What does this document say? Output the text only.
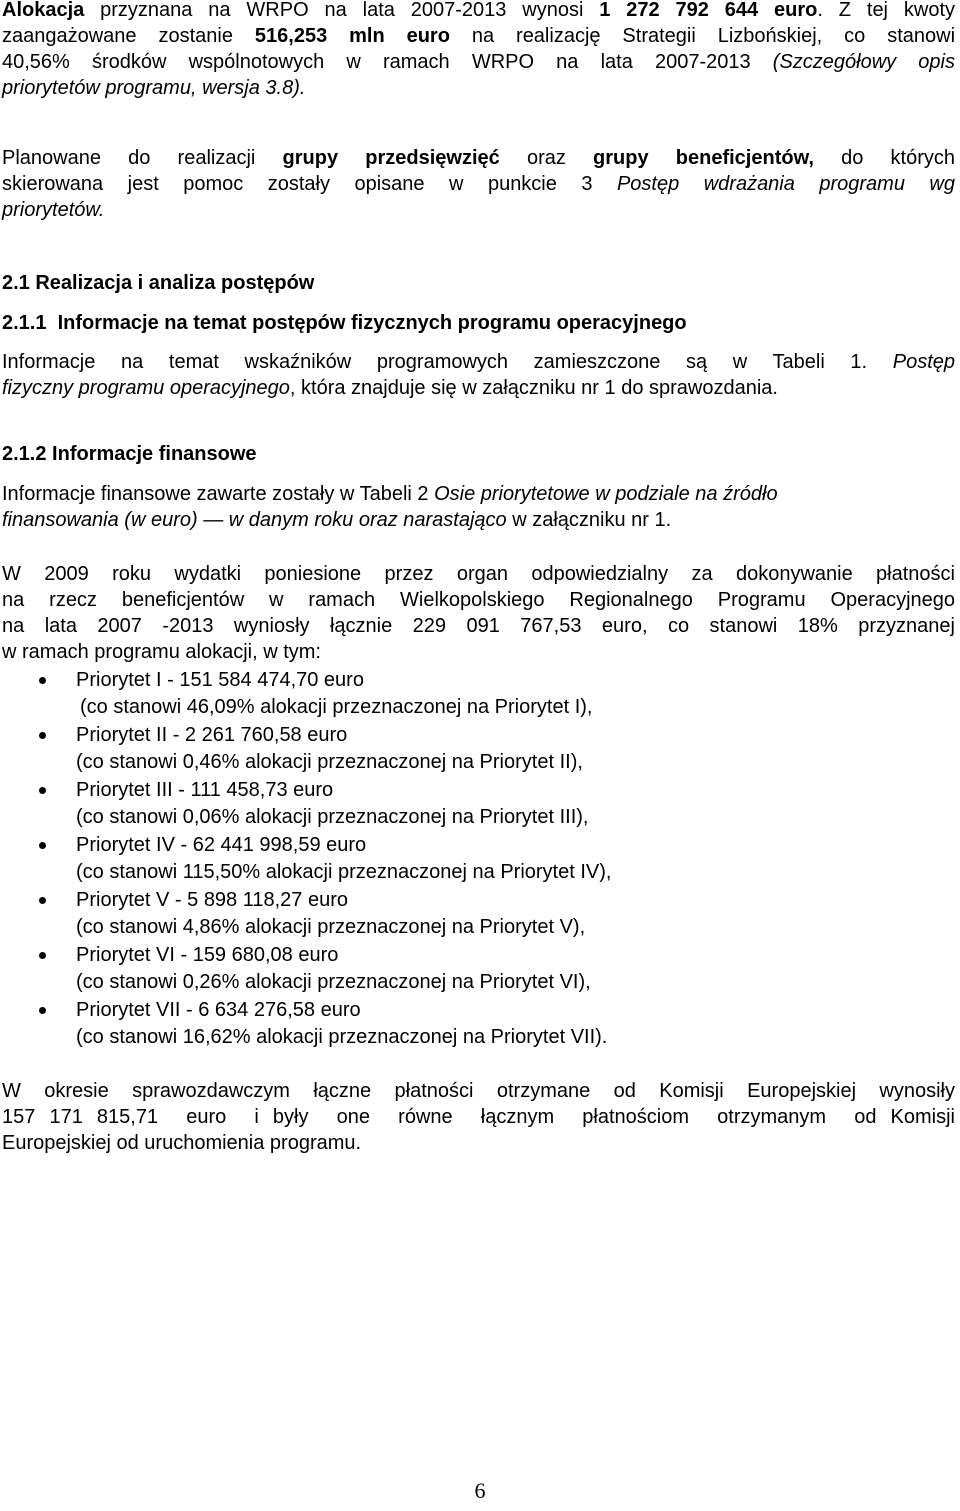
Alokacja przyznana na WRPO na lata 2007-2013 wynosi 1 272 792 644 euro. Z tej kwoty
zaangażowane zostanie 516,253 mln euro na realizację Strategii Lizbońskiej, co stanowi
40,56% środków wspólnotowych w ramach WRPO na lata 2007-2013 (Szczegółowy opis
priorytetów programu, wersja 3.8).
Planowane do realizacji grupy przedsięwzięć oraz grupy beneficjentów, do których
skierowana jest pomoc zostały opisane w punkcie 3 Postęp wdrażania programu wg
priorytetów.
2.1 Realizacja i analiza postępów
2.1.1  Informacje na temat postępów fizycznych programu operacyjnego
Informacje na temat wskaźników programowych zamieszczone są w Tabeli 1. Postęp
fizyczny programu operacyjnego, która znajduje się w załączniku nr 1 do sprawozdania.
2.1.2 Informacje finansowe

Informacje finansowe zawarte zostały w Tabeli 2 Osie priorytetowe w podziale na źródło

finansowania (w euro) — w danym roku oraz narastająco w załączniku nr 1.

W 2009 roku wydatki poniesione przez organ odpowiedzialny za dokonywanie płatności
na rzecz beneficjentów w ramach Wielkopolskiego Regionalnego Programu Operacyjnego
na lata 2007 -2013 wyniosły łącznie 229 091 767,53 euro, co stanowi 18% przyznanej
w ramach programu alokacji, w tym:
Priorytet I - 151 584 474,70 euro
(co stanowi 46,09% alokacji przeznaczonej na Priorytet I),
Priorytet II - 2 261 760,58 euro
(co stanowi 0,46% alokacji przeznaczonej na Priorytet II),
Priorytet III - 111 458,73 euro
(co stanowi 0,06% alokacji przeznaczonej na Priorytet III),
Priorytet IV - 62 441 998,59 euro
(co stanowi 115,50% alokacji przeznaczonej na Priorytet IV),
Priorytet V - 5 898 118,27 euro
(co stanowi 4,86% alokacji przeznaczonej na Priorytet V),
Priorytet VI - 159 680,08 euro
(co stanowi 0,26% alokacji przeznaczonej na Priorytet VI),
Priorytet VII - 6 634 276,58 euro
(co stanowi 16,62% alokacji przeznaczonej na Priorytet VII).
W okresie sprawozdawczym łączne płatności otrzymane od Komisji Europejskiej wynosiły
157 171 815,71  euro  i były  one  równe  łącznym  płatnościom  otrzymanym  od Komisji
Europejskiej od uruchomienia programu.
6
